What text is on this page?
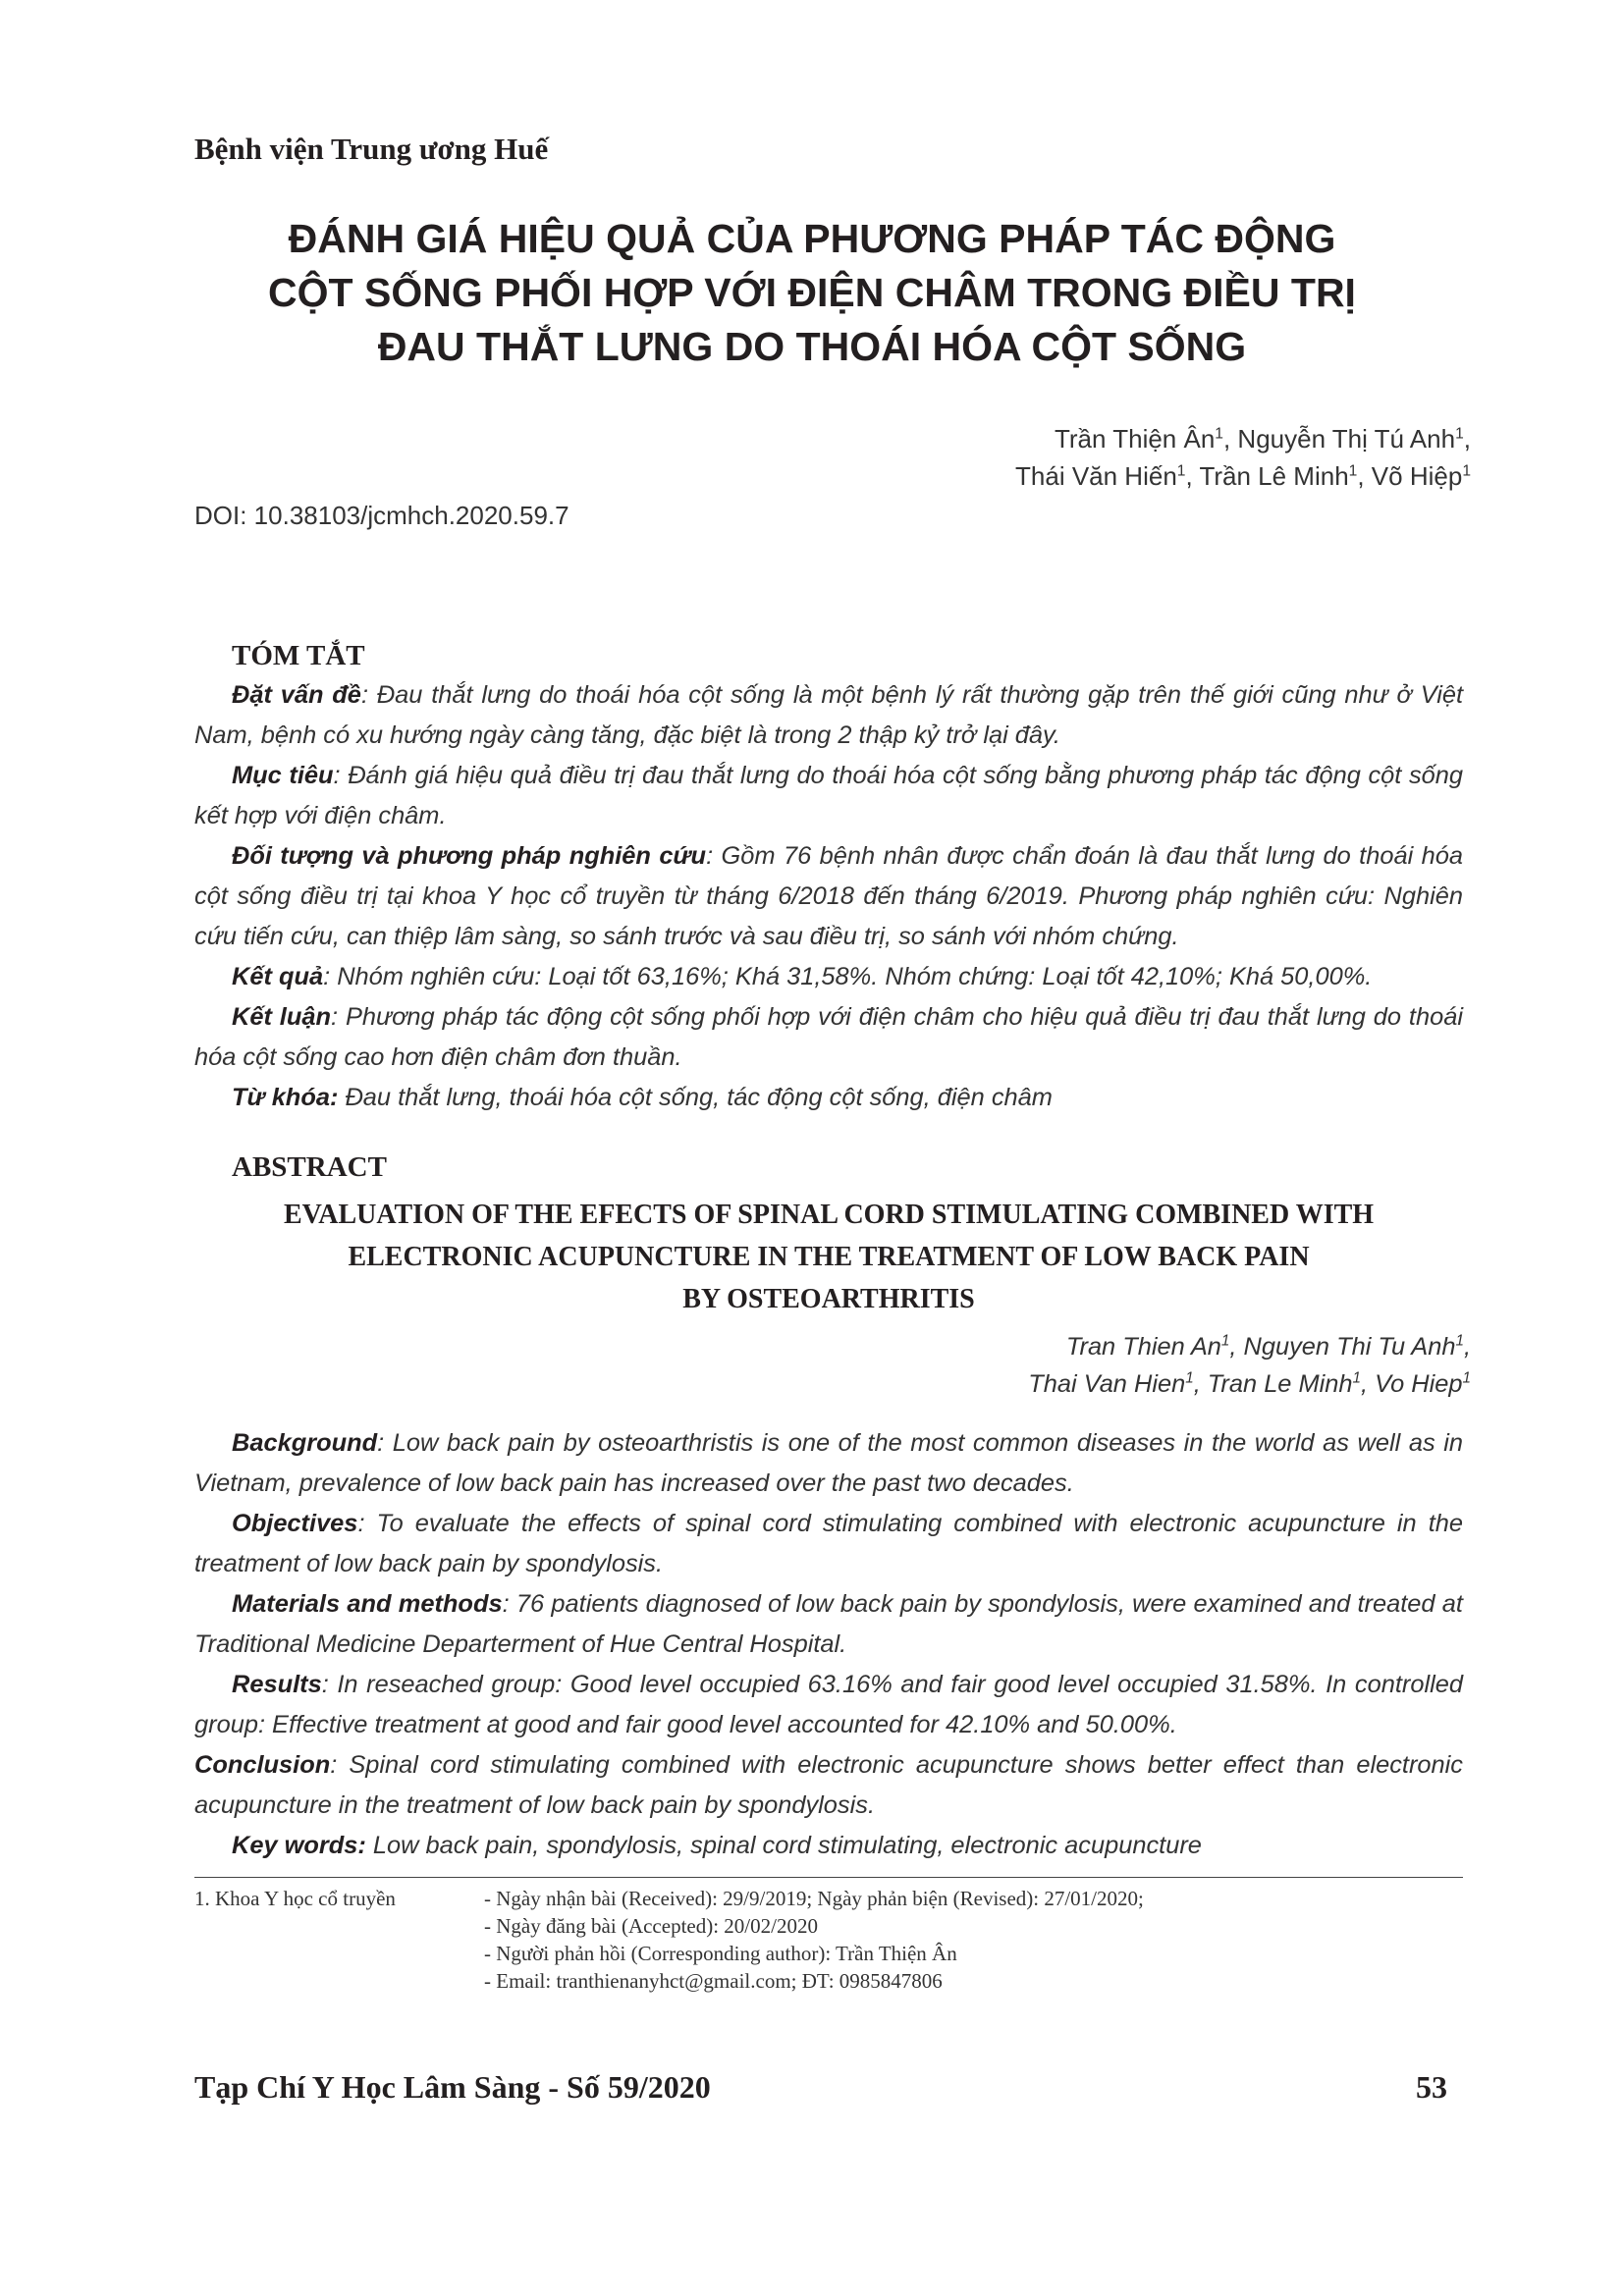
Bệnh viện Trung ương Huế
ĐÁNH GIÁ HIỆU QUẢ CỦA PHƯƠNG PHÁP TÁC ĐỘNG
CỘT SỐNG PHỐI HỢP VỚI ĐIỆN CHÂM TRONG ĐIỀU TRỊ
ĐAU THẮT LƯNG DO THOÁI HÓA CỘT SỐNG
Trần Thiện $Ân^1$, Nguyễn Thị Tú Anh$^1$,
Thái Văn Hiến$^1$, Trần Lê Minh$^1$, Võ Hiệp$^1$
DOI: 10.38103/jcmhch.2020.59.7
TÓM TẮT

Đặt vấn đề: Đau thắt lưng do thoái hóa cột sống là một bệnh lý rất thường gặp trên thế giới cũng như ở Việt Nam, bệnh có xu hướng ngày càng tăng, đặc biệt là trong 2 thập kỷ trở lại đây.

Mục tiêu: Đánh giá hiệu quả điều trị đau thắt lưng do thoái hóa cột sống bằng phương pháp tác động cột sống kết hợp với điện châm.

Đối tượng và phương pháp nghiên cứu: Gồm 76 bệnh nhân được chẩn đoán là đau thắt lưng do thoái hóa cột sống điều trị tại khoa Y học cổ truyền từ tháng 6/2018 đến tháng 6/2019. Phương pháp nghiên cứu: Nghiên cứu tiến cứu, can thiệp lâm sàng, so sánh trước và sau điều trị, so sánh với nhóm chứng.

Kết quả: Nhóm nghiên cứu: Loại tốt 63,16%; Khá 31,58%. Nhóm chứng: Loại tốt 42,10%; Khá 50,00%.

Kết luận: Phương pháp tác động cột sống phối hợp với điện châm cho hiệu quả điều trị đau thắt lưng do thoái hóa cột sống cao hơn điện châm đơn thuần.

Từ khóa: Đau thắt lưng, thoái hóa cột sống, tác động cột sống, điện châm

ABSTRACT
EVALUATION OF THE EFECTS OF SPINAL CORD STIMULATING COMBINED WITH
ELECTRONIC ACUPUNCTURE IN THE TREATMENT OF LOW BACK PAIN
BY OSTEOARTHRITIS
Tran Thien An$^1$, Nguyen Thi Tu Anh$^1$,
Thai Van Hien$^1$, Tran Le Minh$^1$, Vo Hiep$^1$

Background: Low back pain by osteoarthristis is one of the most common diseases in the world as well as in Vietnam, prevalence of low back pain has increased over the past two decades.

Objectives: To evaluate the effects of spinal cord stimulating combined with electronic acupuncture in the treatment of low back pain by spondylosis.

Materials and methods: 76 patients diagnosed of low back pain by spondylosis, were examined and treated at Traditional Medicine Departerment of Hue Central Hospital.

Results: In reseached group: Good level occupied 63.16% and fair good level occupied 31.58%. In controlled group: Effective treatment at good and fair good level accounted for 42.10% and 50.00%.

Conclusion: Spinal cord stimulating combined with electronic acupuncture shows better effect than electronic acupuncture in the treatment of low back pain by spondylosis.

Key words: Low back pain, spondylosis, spinal cord stimulating, electronic acupuncture

1. Khoa Y học cổ truyền	- Ngày nhận bài (Received): 29/9/2019; Ngày phản biện (Revised): 27/01/2020;
- Ngày đăng bài (Accepted): 20/02/2020
- Người phản hồi (Corresponding author): Trần Thiện Ân
- Email: tranthienanyhct@gmail.com; ĐT: 0985847806
Tạp Chí Y Học Lâm Sàng - Số 59/2020	53
